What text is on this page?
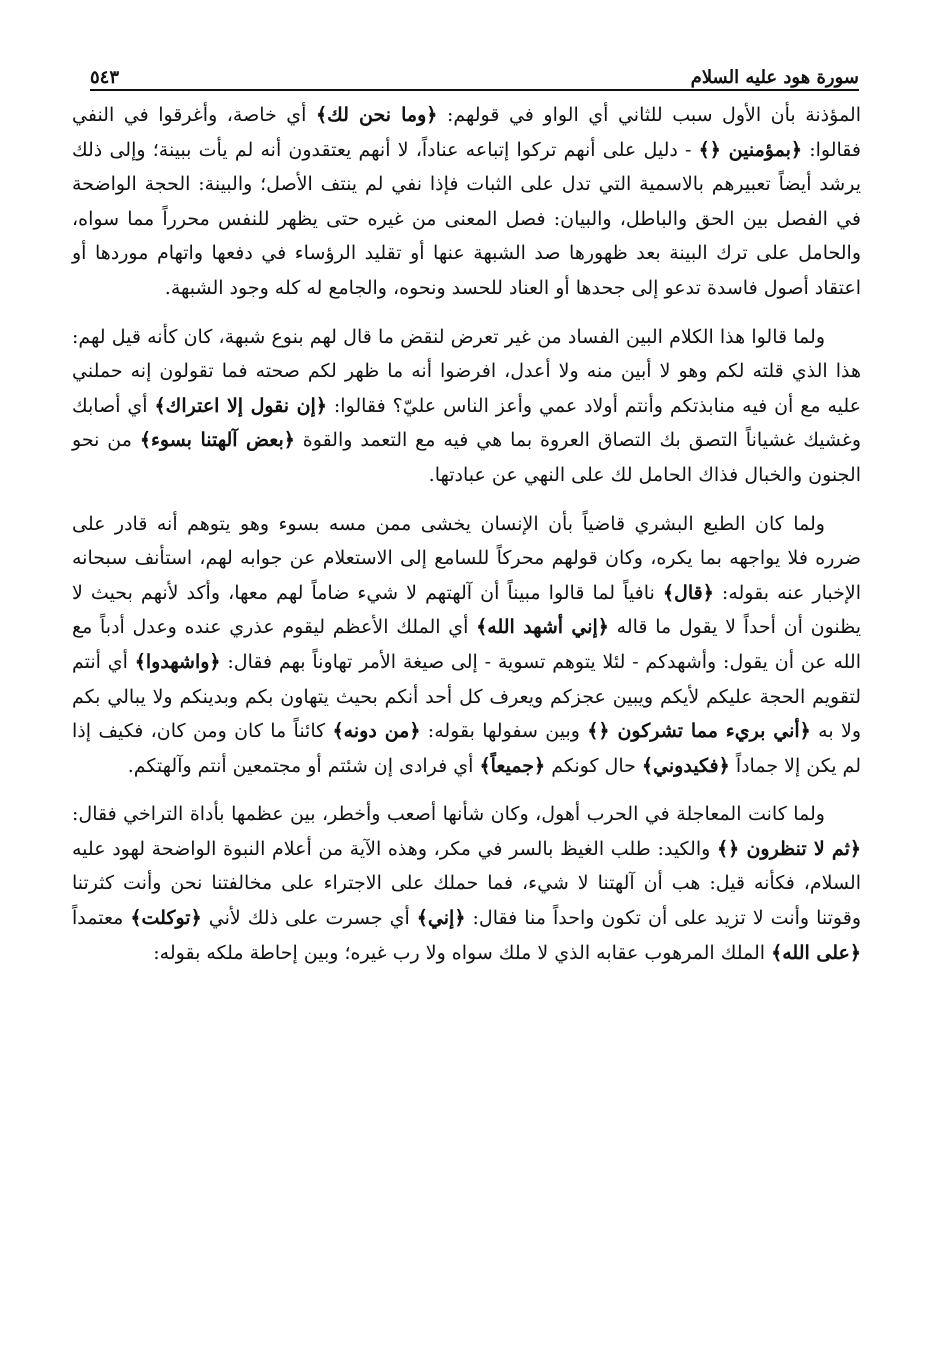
سورة هود عليه السلام
٥٤٣

المؤذنة بأن الأول سبب للثاني أي الواو في قولهم: ﴿وما نحن لك﴾ أي خاصة، وأغرقوا في النفي فقالوا: ﴿بمؤمنين ﴿﴾ - دليل على أنهم تركوا إتباعه عناداً، لا أنهم يعتقدون أنه لم يأت ببينة؛ وإلى ذلك يرشد أيضاً تعبيرهم بالاسمية التي تدل على الثبات فإذا نفي لم ينتف الأصل؛ والبينة: الحجة الواضحة في الفصل بين الحق والباطل، والبيان: فصل المعنى من غيره حتى يظهر للنفس محرراً مما سواه، والحامل على ترك البينة بعد ظهورها صد الشبهة عنها أو تقليد الرؤساء في دفعها واتهام موردها أو اعتقاد أصول فاسدة تدعو إلى جحدها أو العناد للحسد ونحوه، والجامع له كله وجود الشبهة.

ولما قالوا هذا الكلام البين الفساد من غير تعرض لنقض ما قال لهم بنوع شبهة، كان كأنه قيل لهم: هذا الذي قلته لكم وهو لا أبين منه ولا أعدل، افرضوا أنه ما ظهر لكم صحته فما تقولون إنه حملني عليه مع أن فيه منابذتكم وأنتم أولاد عمي وأعز الناس عليّ؟ فقالوا: ﴿إن نقول إلا اعتراك﴾ أي أصابك وغشيك غشياناً التصق بك التصاق العروة بما هي فيه مع التعمد والقوة ﴿بعض آلهتنا بسوء﴾ من نحو الجنون والخبال فذاك الحامل لك على النهي عن عبادتها.

ولما كان الطبع البشري قاضياً بأن الإنسان يخشى ممن مسه بسوء وهو يتوهم أنه قادر على ضرره فلا يواجهه بما يكره، وكان قولهم محركاً للسامع إلى الاستعلام عن جوابه لهم، استأنف سبحانه الإخبار عنه بقوله: ﴿قال﴾ نافياً لما قالوا مبيناً أن آلهتهم لا شيء ضاماً لهم معها، وأكد لأنهم بحيث لا يظنون أن أحداً لا يقول ما قاله ﴿إني أشهد الله﴾ أي الملك الأعظم ليقوم عذري عنده وعدل أدباً مع الله عن أن يقول: وأشهدكم - لئلا يتوهم تسوية - إلى صيغة الأمر تهاوناً بهم فقال: ﴿واشهدوا﴾ أي أنتم لتقويم الحجة عليكم لأيكم ويبين عجزكم ويعرف كل أحد أنكم بحيث يتهاون بكم وبدينكم ولا يبالي بكم ولا به ﴿أني بريء مما تشركون ﴿﴾ وبين سفولها بقوله: ﴿من دونه﴾ كائناً ما كان ومن كان، فكيف إذا لم يكن إلا جماداً ﴿فكيدوني﴾ حال كونكم ﴿جميعاً﴾ أي فرادى إن شئتم أو مجتمعين أنتم وآلهتكم.

ولما كانت المعاجلة في الحرب أهول، وكان شأنها أصعب وأخطر، بين عظمها بأداة التراخي فقال: ﴿ثم لا تنظرون ﴿﴾ والكيد: طلب الغيظ بالسر في مكر، وهذه الآية من أعلام النبوة الواضحة لهود عليه السلام، فكأنه قيل: هب أن آلهتنا لا شيء، فما حملك على الاجتراء على مخالفتنا نحن وأنت كثرتنا وقوتنا وأنت لا تزيد على أن تكون واحداً منا فقال: ﴿إني﴾ أي جسرت على ذلك لأني ﴿توكلت﴾ معتمداً ﴿على الله﴾ الملك المرهوب عقابه الذي لا ملك سواه ولا رب غيره؛ وبين إحاطة ملكه بقوله:
